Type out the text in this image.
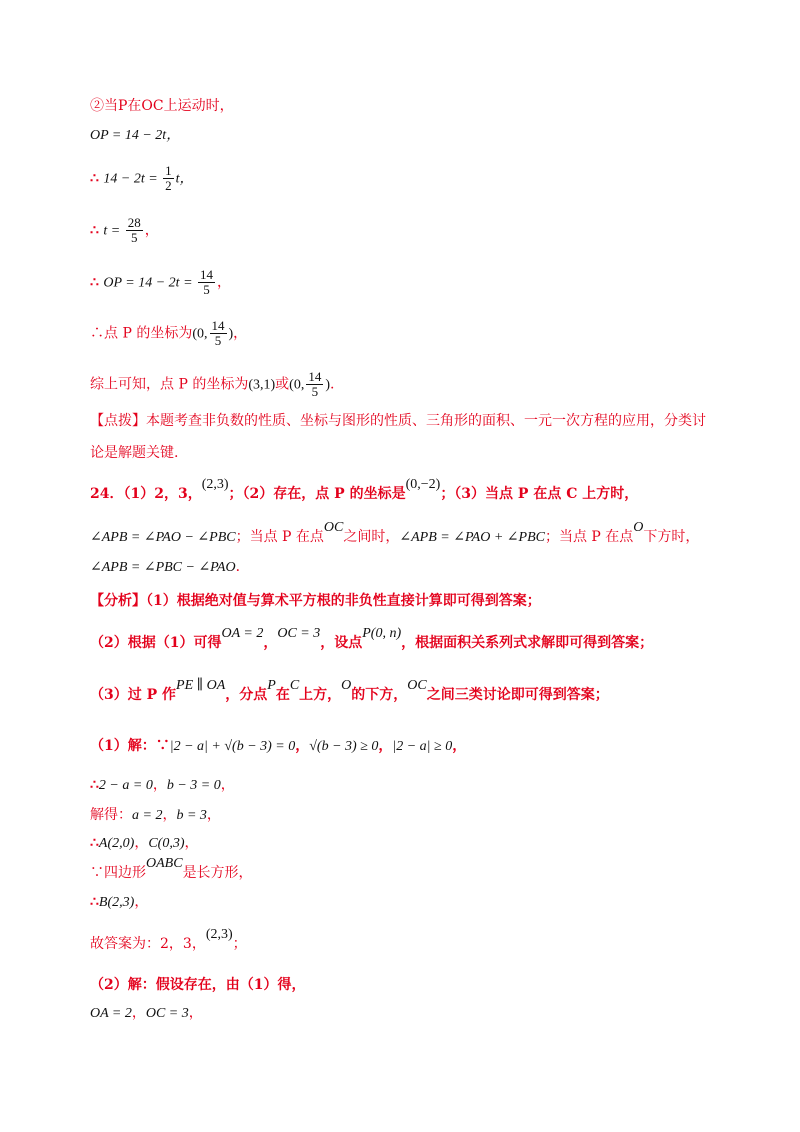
②当P在OC上运动时，
OP = 14 − 2t，
∴ $14 - 2t = \frac{1}{2}$ t，
∴ $t = \frac{28}{5}$ ，
∴ OP = $14 - 2t = \frac{14}{5}$ ，
∴点 P 的坐标为(0, $\frac{14}{5}$ )，
综上可知，点 P 的坐标为(3,1)或(0, $\frac{14}{5}$ ).
【点拨】本题考查非负数的性质、坐标与图形的性质、三角形的面积、一元一次方程的应用，分类讨
论是解题关键.
24．（1）2，3，(2,3)；（2）存在，点 P 的坐标是(0,−2)；（3）当点 P 在点 C 上方时，
∠APB = ∠PAO − ∠PBC；当点 P 在点OC之间时，∠APB = ∠PAO + ∠PBC；当点 P 在点O下方时，
∠APB = ∠PBC − ∠PAO．
【分析】（1）根据绝对值与算术平方根的非负性直接计算即可得到答案；
（2）根据（1）可得OA = 2，OC = 3，设点P(0, n)，根据面积关系列式求解即可得到答案；
（3）过 P 作PE ∥ OA，分点P在C上方，O的下方，OC之间三类讨论即可得到答案；
（1）解：∵|2 − a| + √(b − 3) = 0，√(b − 3) ≥ 0，|2 − a| ≥ 0，
∴2 − a = 0，b − 3 = 0，
解得：a = 2，b = 3，
∴A(2,0)，C(0,3)，
∵四边形OABC是长方形，
∴B(2,3)，
故答案为：2，3，(2,3)；
（2）解：假设存在，由（1）得，
OA = 2，OC = 3，
